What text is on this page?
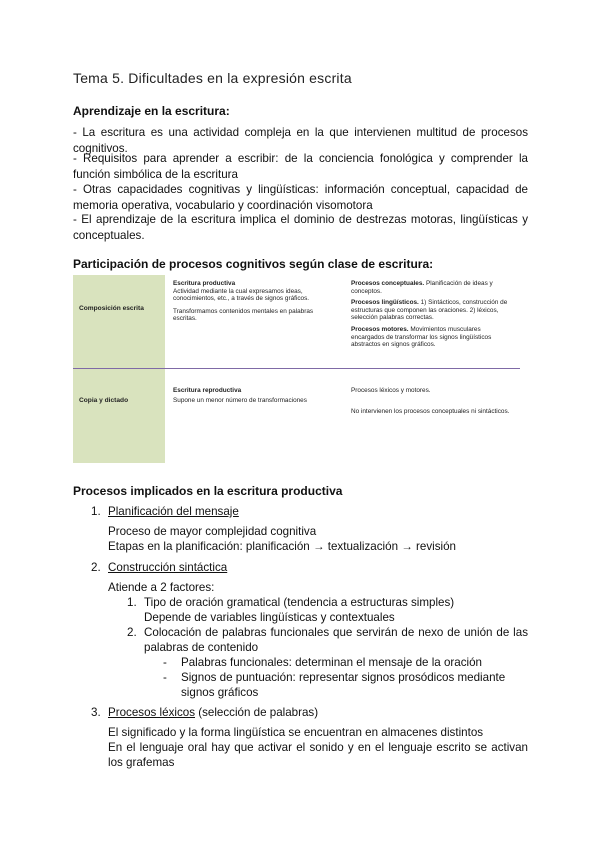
Tema 5. Dificultades en la expresión escrita
Aprendizaje en la escritura:
- La escritura es una actividad compleja en la que intervienen multitud de procesos cognitivos.
- Requisitos para aprender a escribir: de la conciencia fonológica y comprender la función simbólica de la escritura
- Otras capacidades cognitivas y lingüísticas: información conceptual, capacidad de memoria operativa, vocabulario y coordinación visomotora
- El aprendizaje de la escritura implica el dominio de destrezas motoras, lingüísticas y conceptuales.
Participación de procesos cognitivos según clase de escritura:
Composición escrita
Escritura productiva
Actividad mediante la cual expresamos ideas, conocimientos, etc., a través de signos gráficos.
Transformamos contenidos mentales en palabras escritas.
Procesos conceptuales. Planificación de ideas y conceptos.
Procesos lingüísticos. 1) Sintácticos, construcción de estructuras que componen las oraciones. 2) léxicos, selección palabras correctas.
Procesos motores. Movimientos musculares encargados de transformar los signos lingüísticos abstractos en signos gráficos.
Copia y dictado
Escritura reproductiva
Supone un menor número de transformaciones
Procesos léxicos y motores.
No intervienen los procesos conceptuales ni sintácticos.
Procesos implicados en la escritura productiva
1. Planificación del mensaje
Proceso de mayor complejidad cognitiva
Etapas en la planificación: planificación → textualización → revisión
2. Construcción sintáctica
Atiende a 2 factores:
1. Tipo de oración gramatical (tendencia a estructuras simples)
Depende de variables lingüísticas y contextuales
2. Colocación de palabras funcionales que servirán de nexo de unión de las palabras de contenido
- Palabras funcionales: determinan el mensaje de la oración
- Signos de puntuación: representar signos prosódicos mediante signos gráficos
3. Procesos léxicos (selección de palabras)
El significado y la forma lingüística se encuentran en almacenes distintos
En el lenguaje oral hay que activar el sonido y en el lenguaje escrito se activan los grafemas
